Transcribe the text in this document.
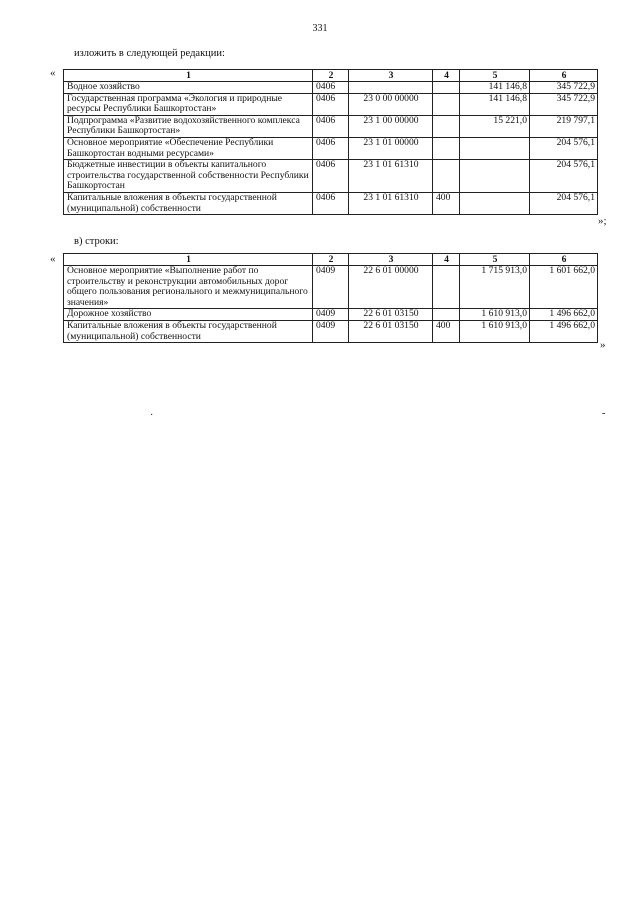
331
изложить в следующей редакции:
«	1	2	3	4	5	6
Водное хозяйство	0406			141 146,8	345 722,9
Государственная программа «Экология и природные ресурсы Республики Башкортостан»	0406	23 0 00 00000		141 146,8	345 722,9
Подпрограмма «Развитие водохозяйственного комплекса Республики Башкортостан»	0406	23 1 00 00000		15 221,0	219 797,1
Основное мероприятие «Обеспечение Республики Башкортостан водными ресурсами»	0406	23 1 01 00000			204 576,1
Бюджетные инвестиции в объекты капитального строительства государственной собственности Республики Башкортостан	0406	23 1 01 61310			204 576,1
Капитальные вложения в объекты государственной (муниципальной) собственности	0406	23 1 01 61310	400		204 576,1
»;
в) строки:
«	1	2	3	4	5	6
Основное мероприятие «Выполнение работ по строительству и реконструкции автомобильных дорог общего пользования регионального и межмуниципального значения»	0409	22 6 01 00000		1 715 913,0	1 601 662,0
Дорожное хозяйство	0409	22 6 01 03150		1 610 913,0	1 496 662,0
Капитальные вложения в объекты государственной (муниципальной) собственности	0409	22 6 01 03150	400	1 610 913,0	1 496 662,0
»
·	-
